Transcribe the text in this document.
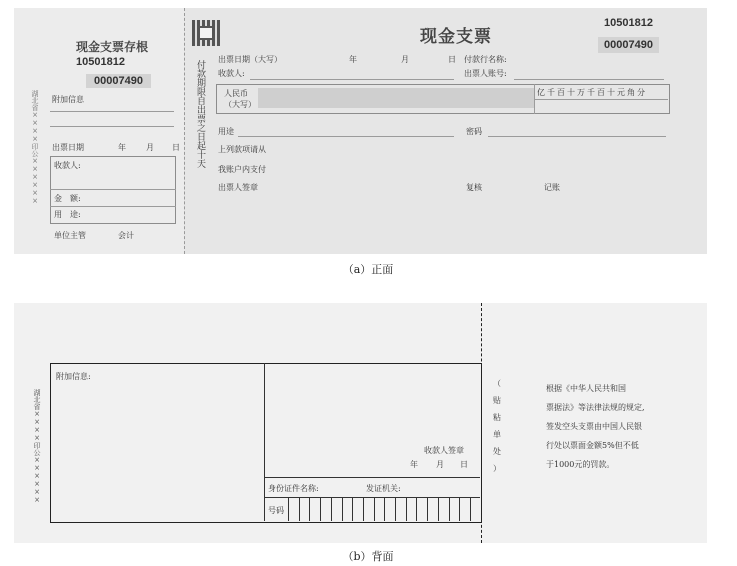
湖北省××××印公××××××
现金支票存根
10501812
00007490
附加信息
出票日期	年	月 日
收款人:
金　额:
用　途:
单位主管	会计
付款期限自出票之日起十天
现金支票
10501812
00007490
出票日期（大写）	年	月	日 付款行名称:
收款人:	出票人账号:
人民币
（大写）
亿 千 百 十 万 千 百 十 元 角 分
用途	密码
上列款项请从
我账户内支付
出票人签章	复核	记账
（a）正面
湖北省××××印公××××××
附加信息:
收款人签章
年 月 日
身份证件名称:	发证机关:
号码
（
贴
粘
单
处
）
根据《中华人民共和国
票据法》等法律法规的规定,
签发空头支票由中国人民银
行处以票面金额5%但不低
于1000元的罚款。
（b）背面
